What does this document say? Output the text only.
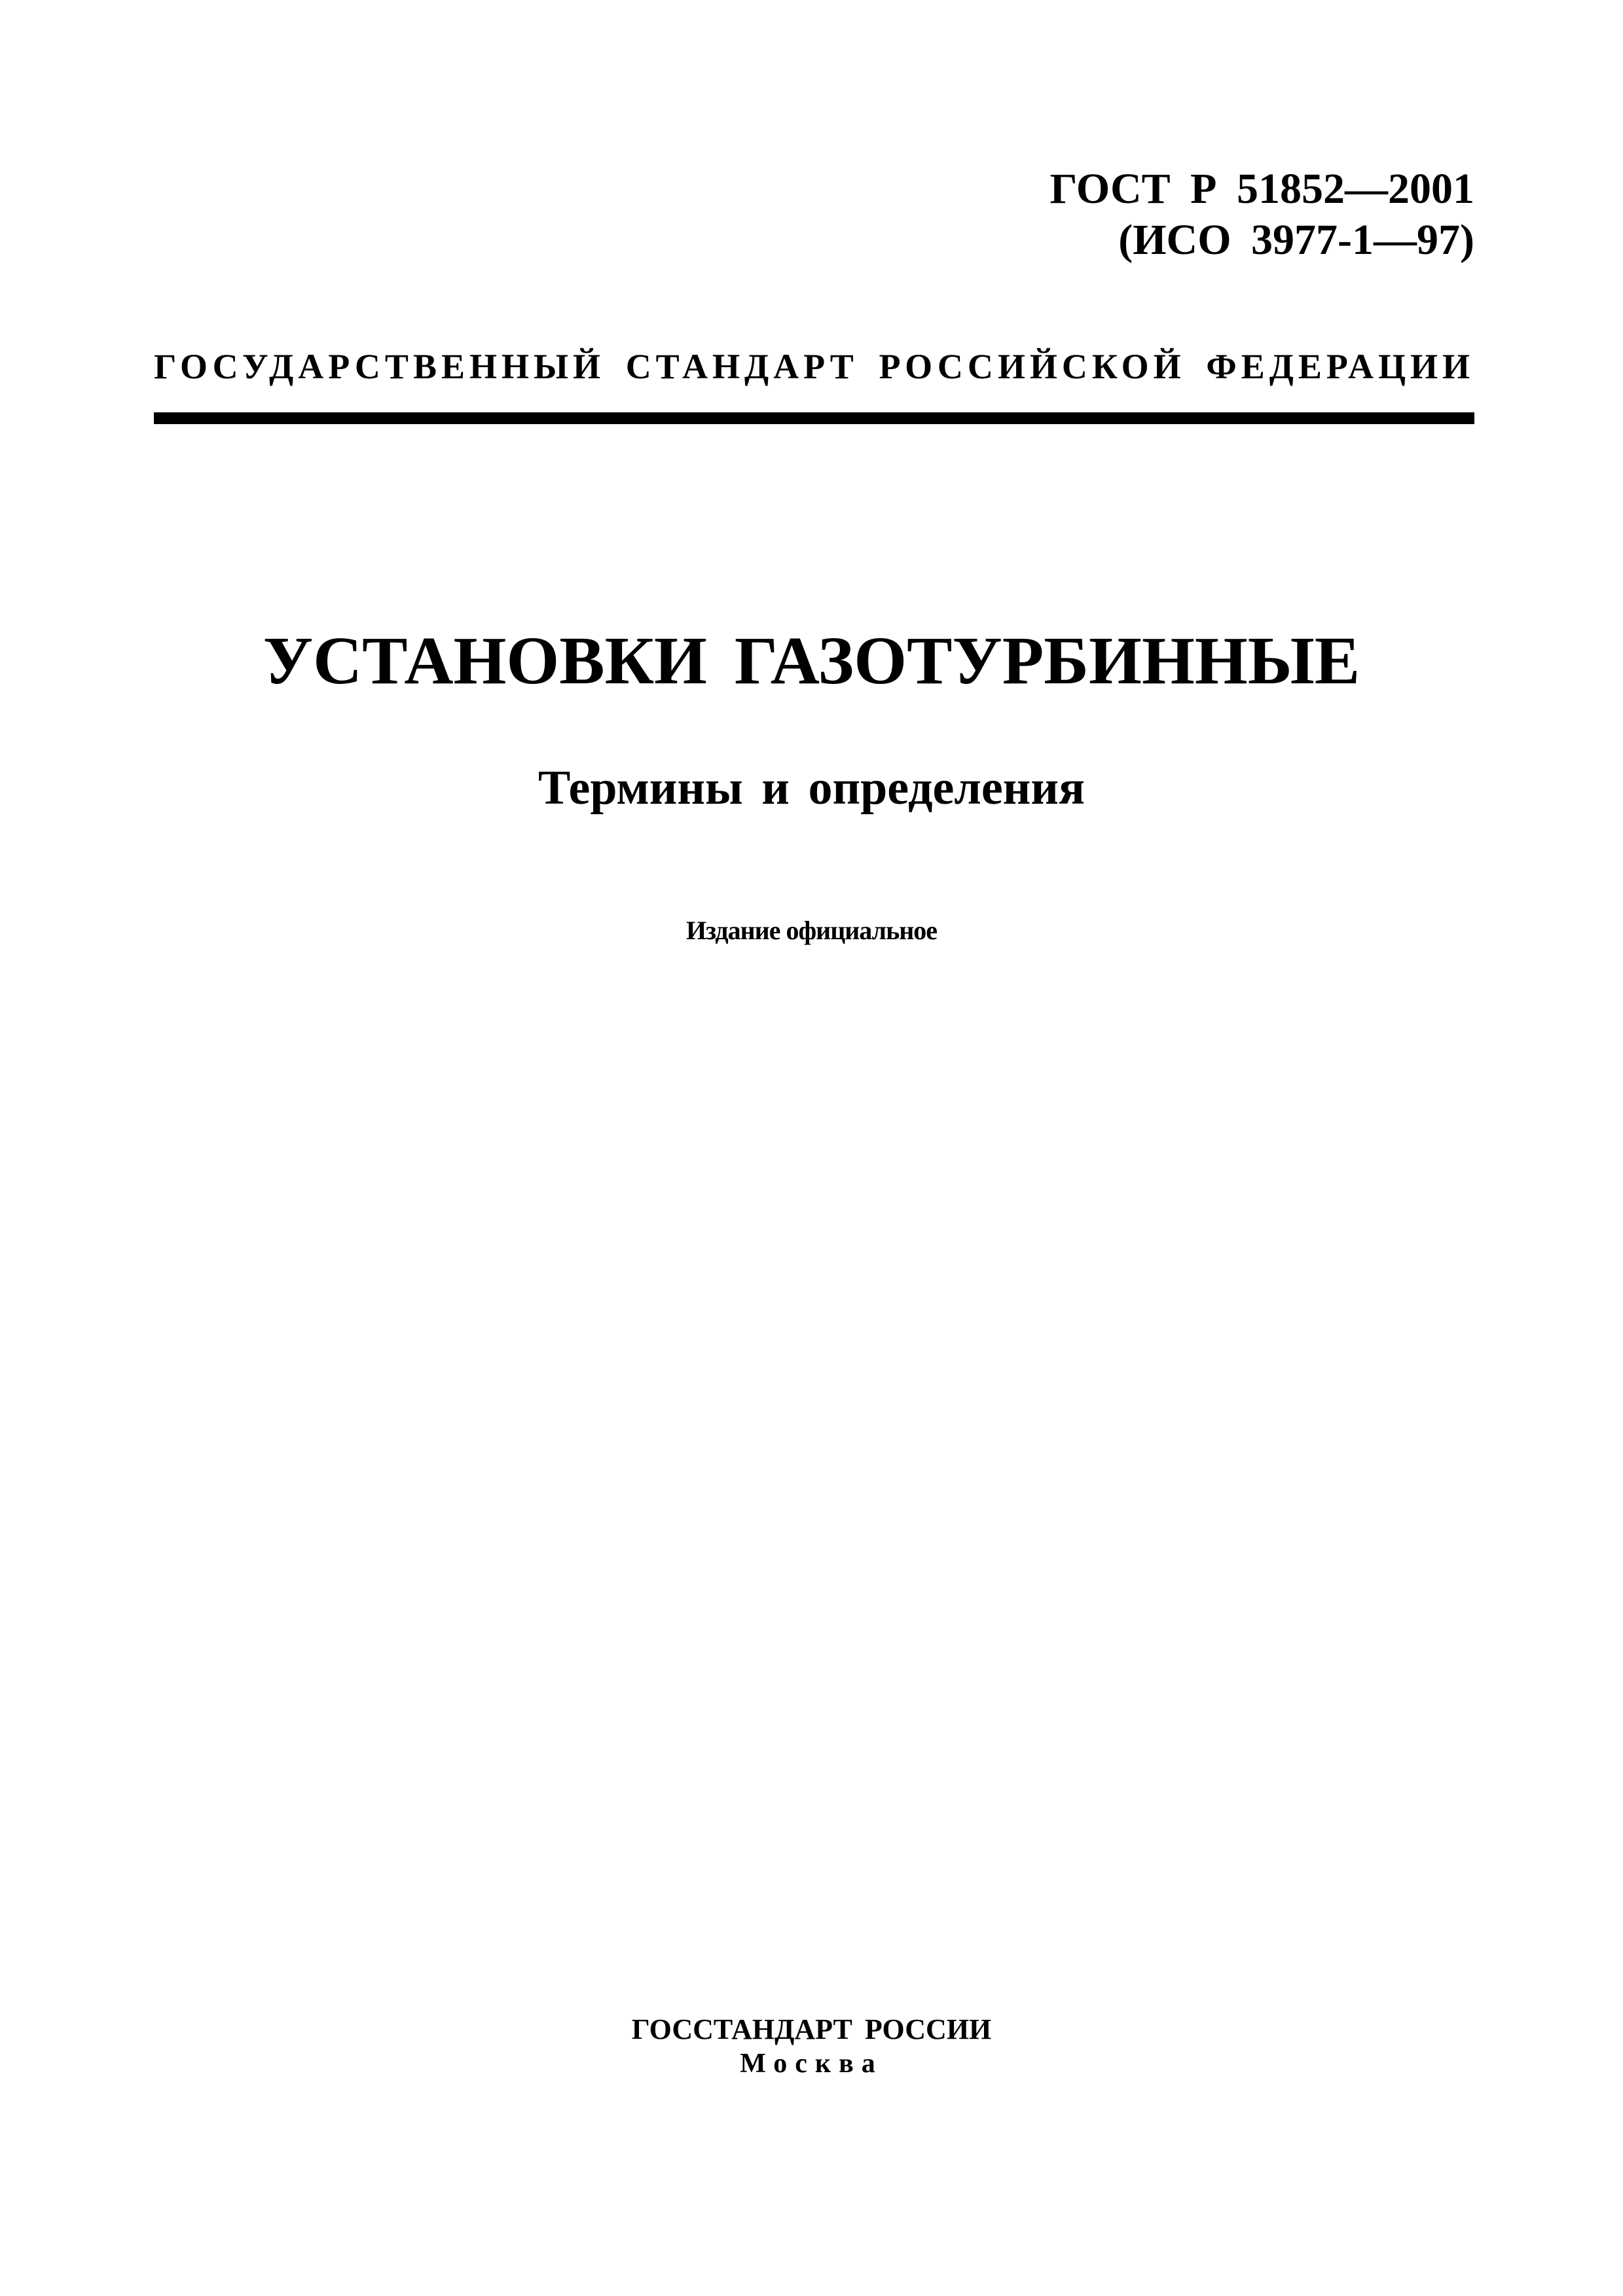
ГОСТ Р 51852—2001
(ИСО 3977-1—97)
ГОСУДАРСТВЕННЫЙ СТАНДАРТ РОССИЙСКОЙ ФЕДЕРАЦИИ
УСТАНОВКИ ГАЗОТУРБИННЫЕ
Термины и определения
Издание официальное
ГОССТАНДАРТ РОССИИ
Москва
